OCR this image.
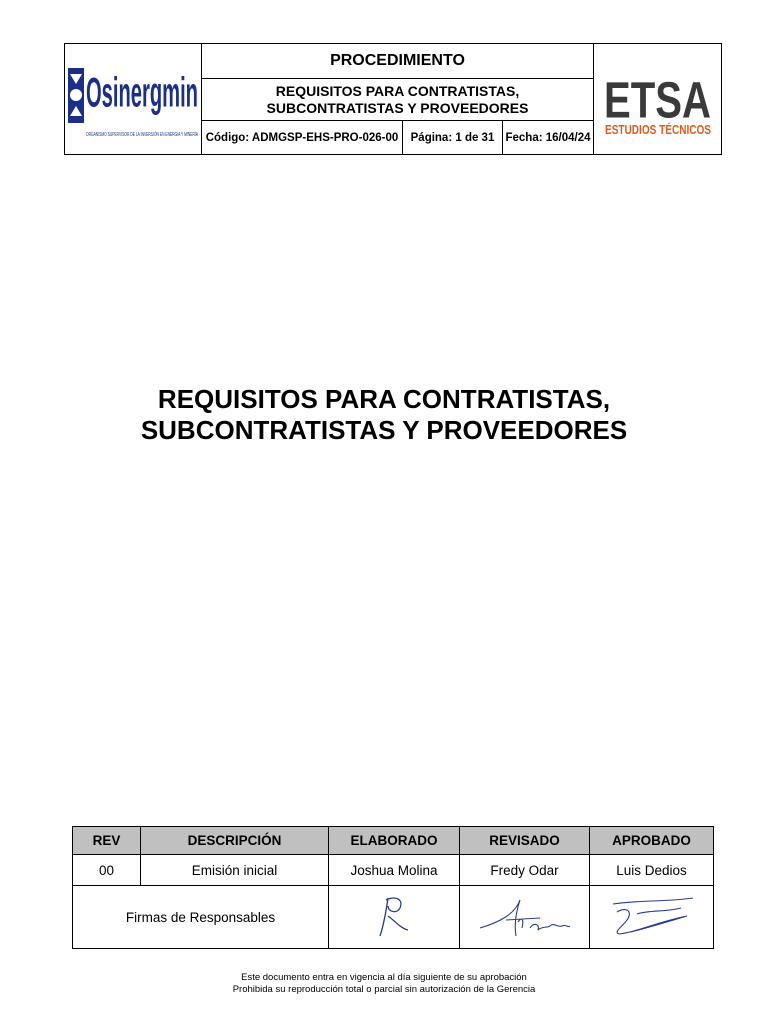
Osinergmin
ORGANISMO SUPERVISOR DE LA INVERSIÓN E
PROCEDIMIENTO
REQUISITOS PARA CONTRATISTAS,
SUBCONTRATISTAS Y PROVEEDORES
Código: ADMGSP-EHS-PRO-026-00	Página: 1 de 31 Fecha: 16/04/24
ETSA
ESTUDIOS TÉCNIC
REQUISITOS PARA CONTRATISTAS,
SUBCONTRATISTAS Y PROVEEDORES
REV	DESCRIPCIÓN	ELABORADO	REVISADO	APROBADO
00	Emisión inicial	Joshua Molina	Fredy Odar	Luis Dedios
Firmas de Responsables
Este documento entra en vigencia al día siguiente de su aprobación
Prohibida su reproducción total o parcial sin autorización de la Gerencia
